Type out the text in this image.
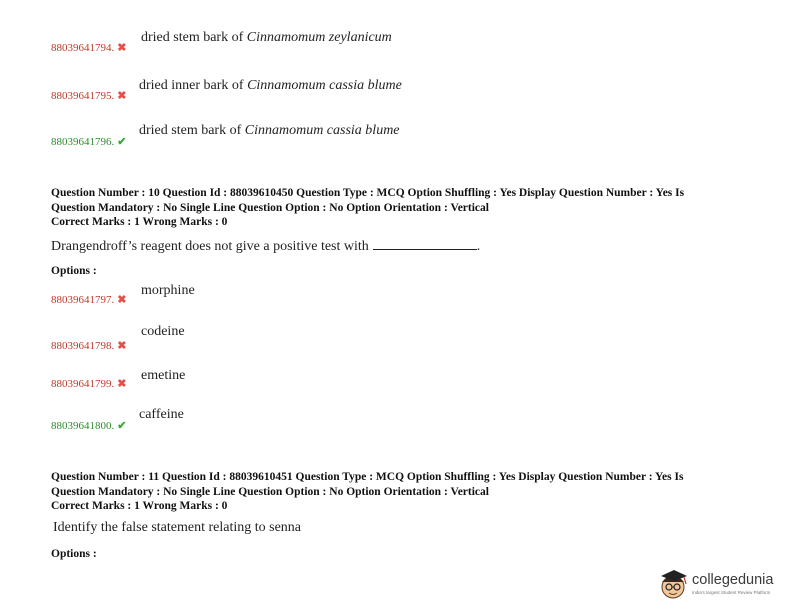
88039641794. ✖
dried stem bark of Cinnamomum zeylanicum
88039641795. ✖
dried inner bark of Cinnamomum cassia blume
88039641796. ✔
dried stem bark of Cinnamomum cassia blume
Question Number : 10 Question Id : 88039610450 Question Type : MCQ Option Shuffling : Yes Display Question Number : Yes Is
Question Mandatory : No Single Line Question Option : No Option Orientation : Vertical
Correct Marks : 1 Wrong Marks : 0
Drangendroff’s reagent does not give a positive test with	.
Options :
88039641797. ✖
morphine
88039641798. ✖
codeine
88039641799. ✖
emetine
88039641800. ✔
caffeine
Question Number : 11 Question Id : 88039610451 Question Type : MCQ Option Shuffling : Yes Display Question Number : Yes Is
Question Mandatory : No Single Line Question Option : No Option Orientation : Vertical
Correct Marks : 1 Wrong Marks : 0
Identify the false statement relating to senna
Options :
collegedunia
India's largest Student Review Platform
